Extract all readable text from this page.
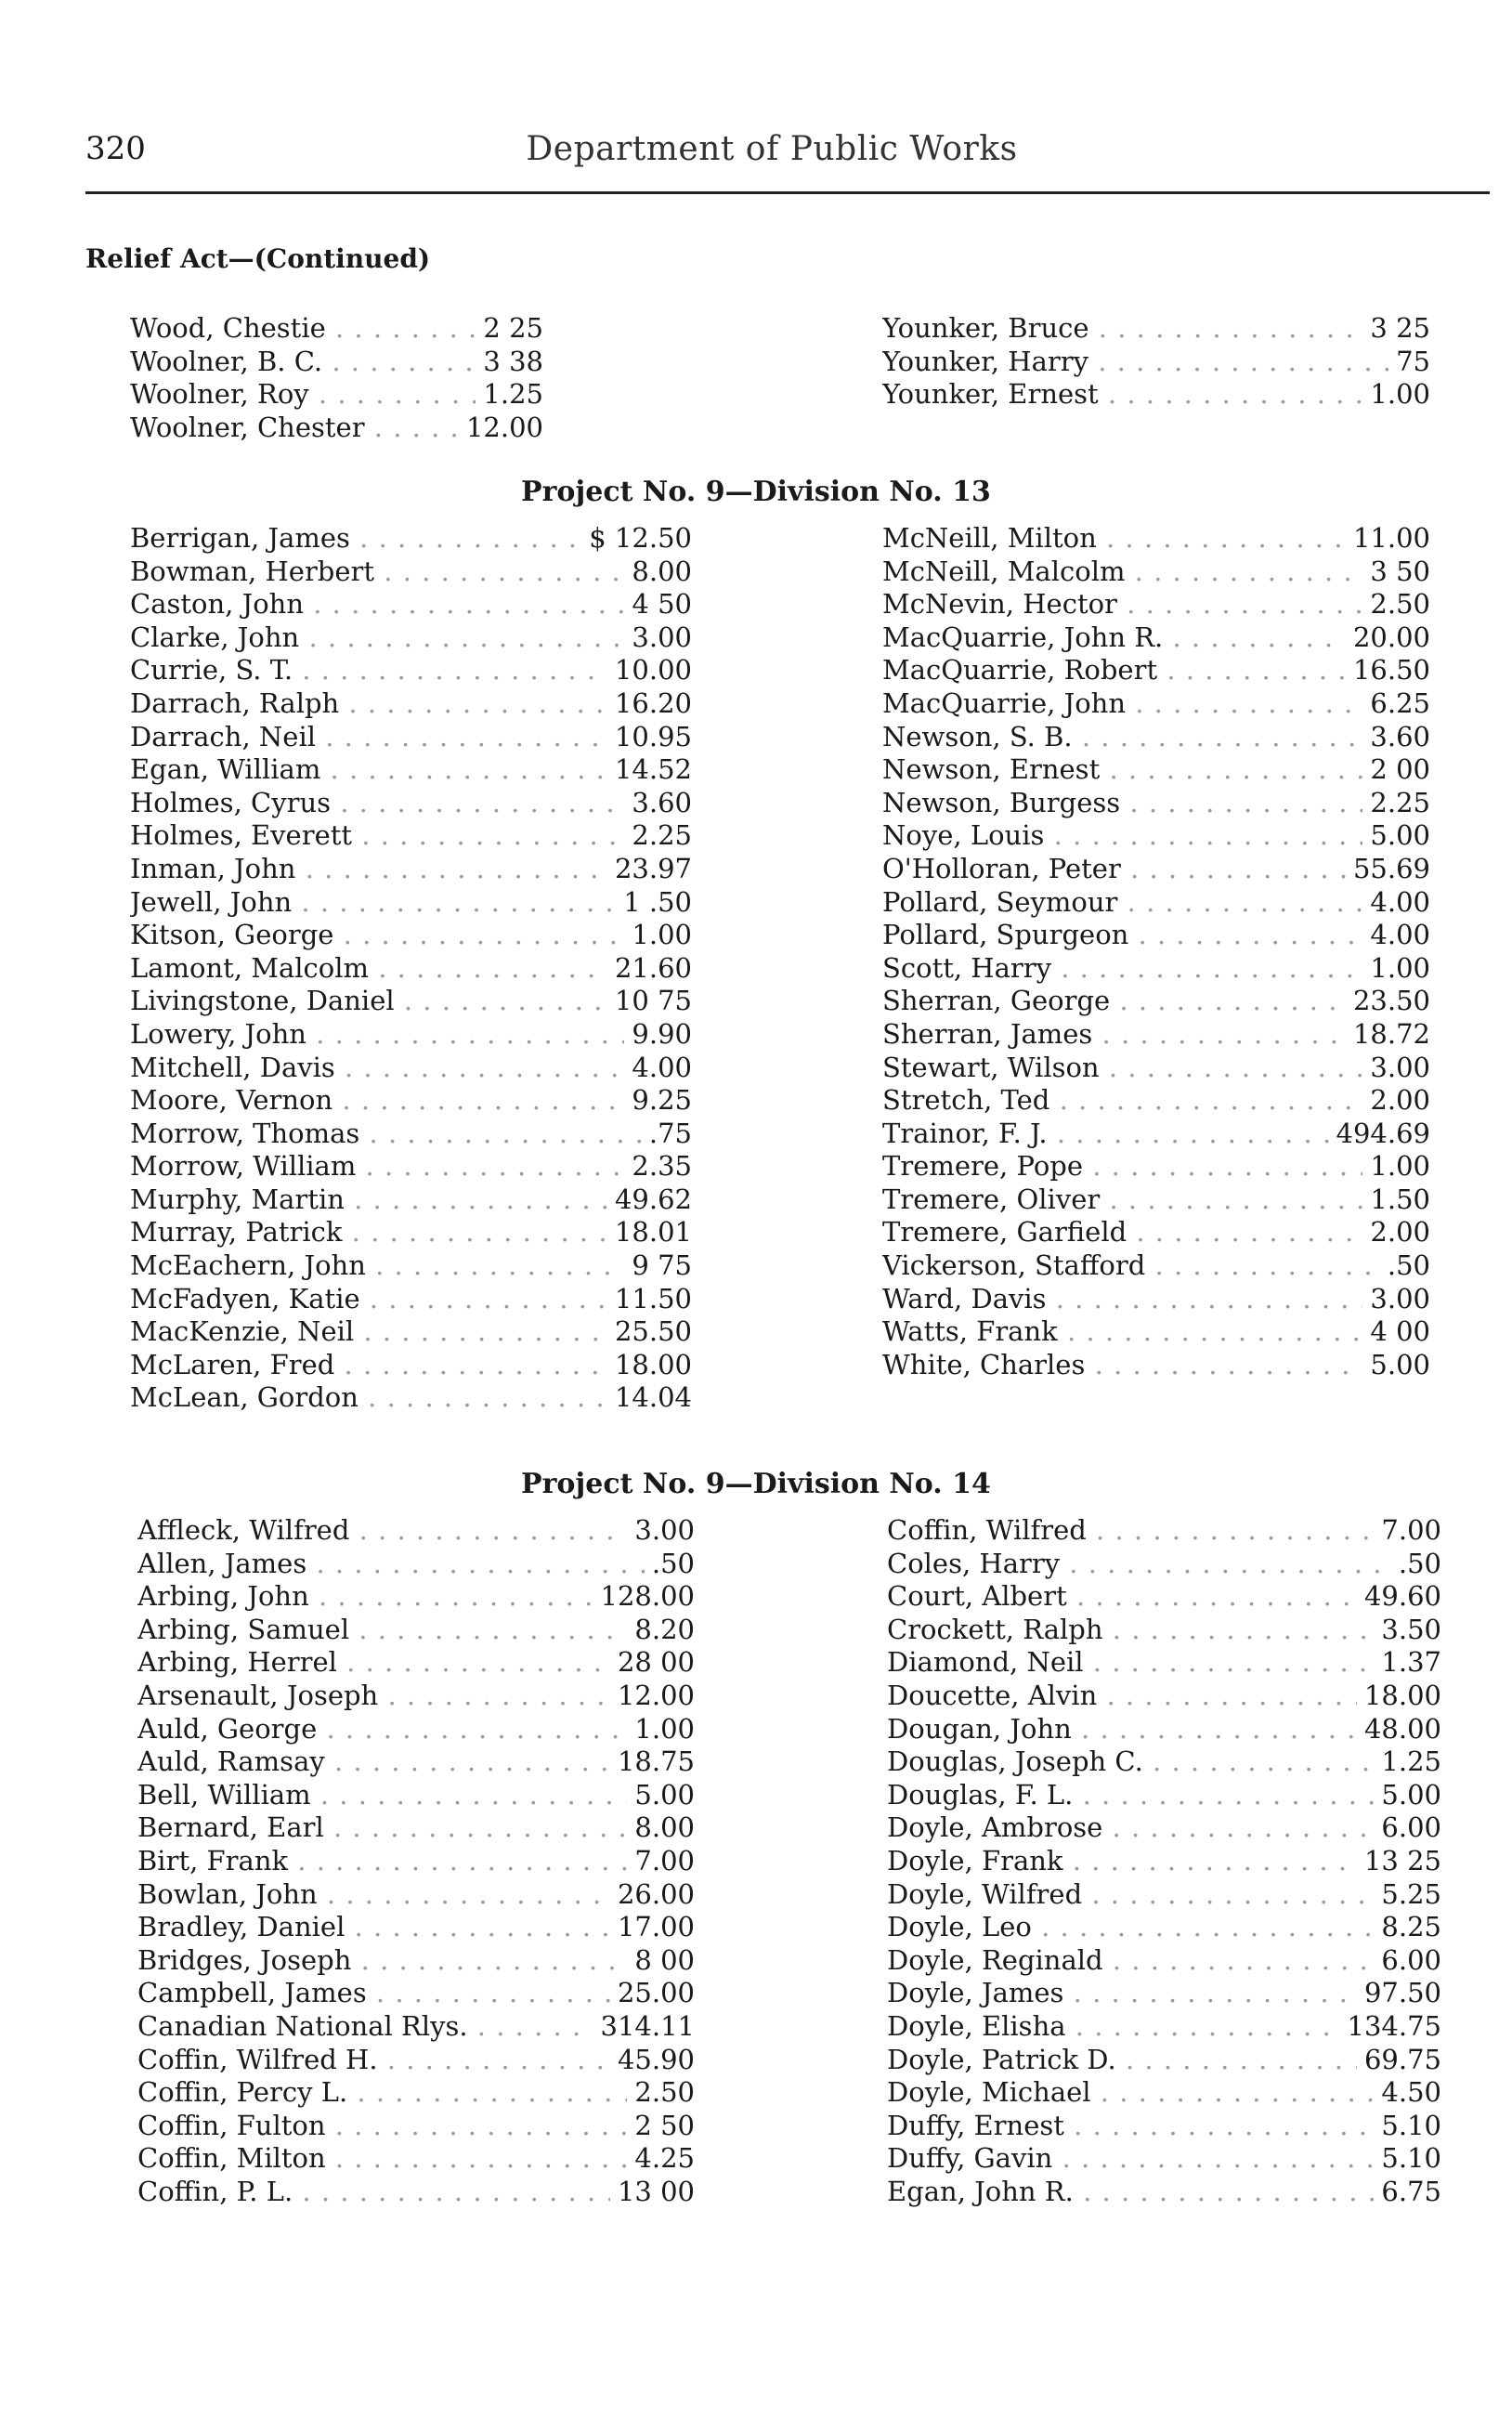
320	Department of Public Works
Relief Act—(Continued)
Wood, Chestie . . .	2 25
Woolner, B. C. . . .	3 38
Woolner, Roy . . .	1.25
Woolner, Chester . . .	12.00
Younker, Bruce . . .	3 25
Younker, Harry . . .	75
Younker, Ernest . . .	1.00
Project No. 9—Division No. 13
Berrigan, James . . .	$ 12.50
Bowman, Herbert . . .	8.00
Caston, John . . .	4 50
Clarke, John . . .	3.00
Currie, S. T. . . .	10.00
Darrach, Ralph . . .	16.20
Darrach, Neil . . .	10.95
Egan, William . . .	14.52
Holmes, Cyrus . . .	3.60
Holmes, Everett . . .	2.25
Inman, John . . .	23.97
Jewell, John . . .	1 .50
Kitson, George . . .	1.00
Lamont, Malcolm . . .	21.60
Livingstone, Daniel . . .	10 75
Lowery, John . . .	9.90
Mitchell, Davis . . .	4.00
Moore, Vernon . . .	9.25
Morrow, Thomas . . .	.75
Morrow, William . . .	2.35
Murphy, Martin . . .	49.62
Murray, Patrick . . .	18.01
McEachern, John . . .	9 75
McFadyen, Katie . . .	11.50
MacKenzie, Neil . . .	25.50
McLaren, Fred . . .	18.00
McLean, Gordon . . .	14.04
McNeill, Milton . . .	11.00
McNeill, Malcolm . . .	3 50
McNevin, Hector . . .	2.50
MacQuarrie, John R. . . .	20.00
MacQuarrie, Robert . . .	16.50
MacQuarrie, John . . .	6.25
Newson, S. B. . . .	3.60
Newson, Ernest . . .	2 00
Newson, Burgess . . .	2.25
Noye, Louis . . .	5.00
O'Holloran, Peter . . .	55.69
Pollard, Seymour . . .	4.00
Pollard, Spurgeon . . .	4.00
Scott, Harry . . .	1.00
Sherran, George . . .	23.50
Sherran, James . . .	18.72
Stewart, Wilson . . .	3.00
Stretch, Ted . . .	2.00
Trainor, F. J. . . .	494.69
Tremere, Pope . . .	1.00
Tremere, Oliver . . .	1.50
Tremere, Garfield . . .	2.00
Vickerson, Stafford . . .	.50
Ward, Davis . . .	3.00
Watts, Frank . . .	4 00
White, Charles . . .	5.00
Project No. 9—Division No. 14
Affleck, Wilfred . . .	3.00
Allen, James . . .	.50
Arbing, John . . .	128.00
Arbing, Samuel . . .	8.20
Arbing, Herrel . . .	28 00
Arsenault, Joseph . . .	12.00
Auld, George . . .	1.00
Auld, Ramsay . . .	18.75
Bell, William . . .	5.00
Bernard, Earl . . .	8.00
Birt, Frank . . .	7.00
Bowlan, John . . .	26.00
Bradley, Daniel . . .	17.00
Bridges, Joseph . . .	8 00
Campbell, James . . .	25.00
Canadian National Rlys. . . .	314.11
Coffin, Wilfred H. . . .	45.90
Coffin, Percy L. . . .	2.50
Coffin, Fulton . . .	2 50
Coffin, Milton . . .	4.25
Coffin, P. L. . . .	13 00
Coffin, Wilfred . . .	7.00
Coles, Harry . . .	.50
Court, Albert . . .	49.60
Crockett, Ralph . . .	3.50
Diamond, Neil . . .	1.37
Doucette, Alvin . . .	18.00
Dougan, John . . .	48.00
Douglas, Joseph C. . . .	1.25
Douglas, F. L. . . .	5.00
Doyle, Ambrose . . .	6.00
Doyle, Frank . . .	13 25
Doyle, Wilfred . . .	5.25
Doyle, Leo . . .	8.25
Doyle, Reginald . . .	6.00
Doyle, James . . .	97.50
Doyle, Elisha . . .	134.75
Doyle, Patrick D. . . .	69.75
Doyle, Michael . . .	4.50
Duffy, Ernest . . .	5.10
Duffy, Gavin . . .	5.10
Egan, John R. . . .	6.75
